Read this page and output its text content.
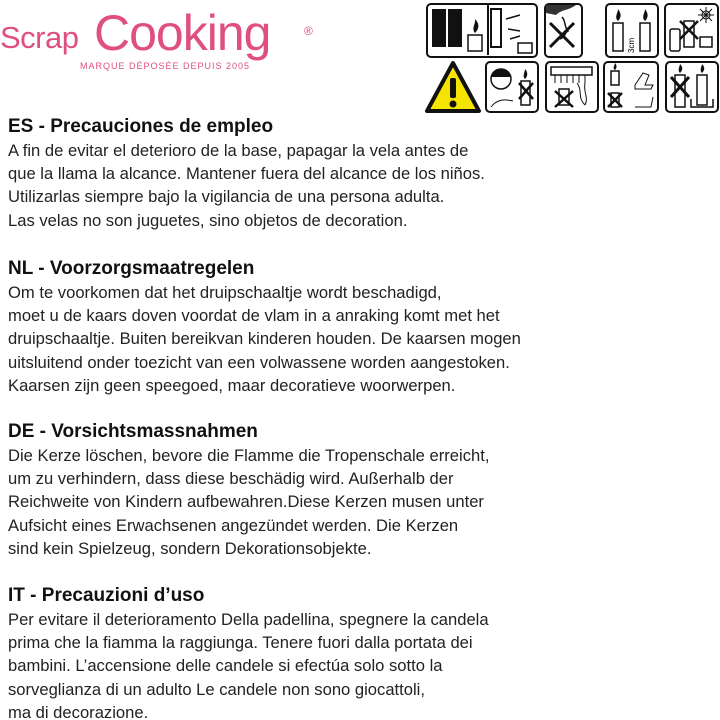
Scrap Cooking	®
MARQUE DÉPOSÉE DEPUIS 2005
3cm
ES - Precauciones de empleo

A fin de evitar el deterioro de la base, papagar la vela antes de
que la llama la alcance. Mantener fuera del alcance de los niños.
Utilizarlas siempre bajo la vigilancia de una persona adulta.
Las velas no son juguetes, sino objetos de decoration.

NL - Voorzorgsmaatregelen

Om te voorkomen dat het druipschaaltje wordt beschadigd,
moet u de kaars doven voordat de vlam in a anraking komt met het
druipschaaltje. Buiten bereikvan kinderen houden. De kaarsen mogen
uitsluitend onder toezicht van een volwassene worden aangestoken.
Kaarsen zijn geen speegoed, maar decoratieve woorwerpen.

DE - Vorsichtsmassnahmen

Die Kerze löschen, bevore die Flamme die Tropenschale erreicht,
um zu verhindern, dass diese beschädig wird. Außerhalb der
Reichweite von Kindern aufbewahren.Diese Kerzen musen unter
Aufsicht eines Erwachsenen angezündet werden. Die Kerzen
sind kein Spielzeug, sondern Dekorationsobjekte.

IT - Precauzioni d’uso

Per evitare il deterioramento Della padellina, spegnere la candela
prima che la fiamma la raggiunga. Tenere fuori dalla portata dei
bambini. L’accensione delle candele si efectúa solo sotto la
sorveglianza di un adulto Le candele non sono giocattoli,
ma di decorazione.
